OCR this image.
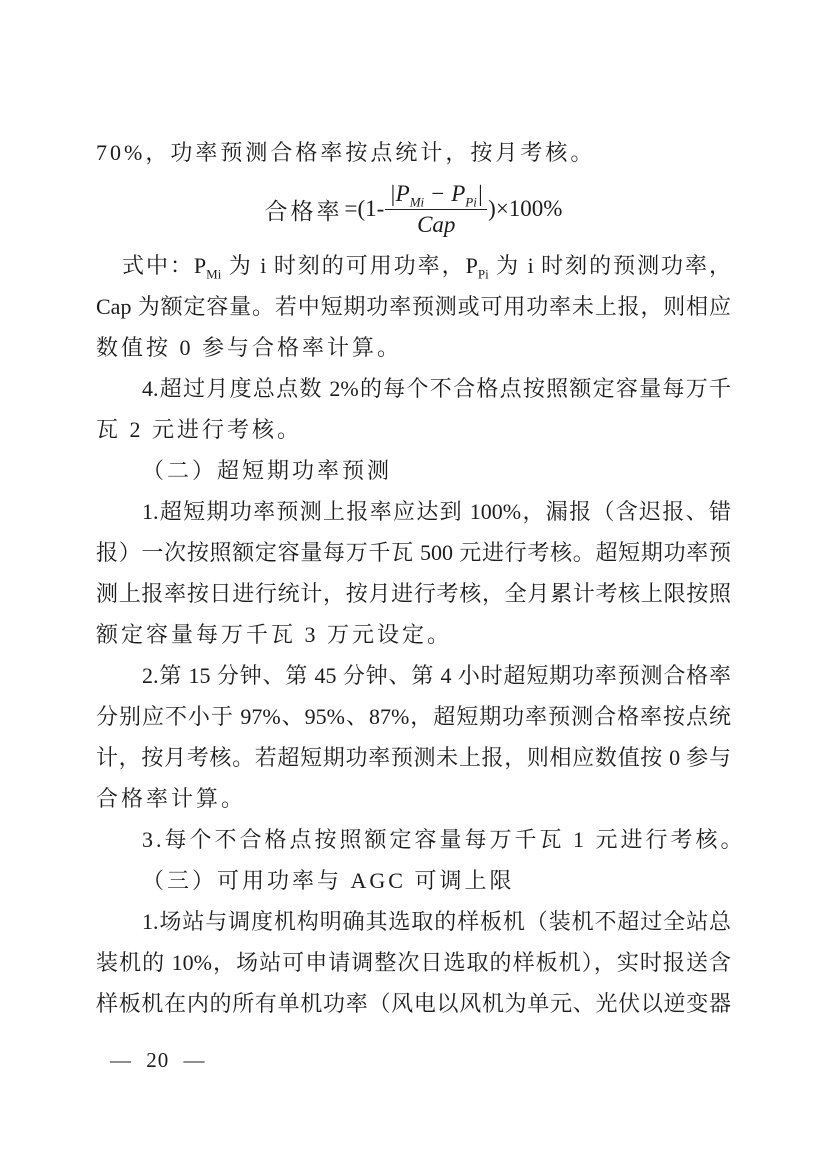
70%，功率预测合格率按点统计，按月考核。
合格率 $=(1- \frac{|P_{Mi} - P_{Pi}|}{\text{Cap}} )\times 100\%$
式中：$P_{Mi}$ 为 i 时刻的可用功率，$P_{Pi}$ 为 i 时刻的预测功率，
Cap 为额定容量。若中短期功率预测或可用功率未上报，则相应
数值按 0 参与合格率计算。
4.超过月度总点数 2%的每个不合格点按照额定容量每万千
瓦 2 元进行考核。
（二）超短期功率预测
1.超短期功率预测上报率应达到 100%，漏报（含迟报、错
报）一次按照额定容量每万千瓦 500 元进行考核。超短期功率预
测上报率按日进行统计，按月进行考核，全月累计考核上限按照
额定容量每万千瓦 3 万元设定。
2.第 15 分钟、第 45 分钟、第 4 小时超短期功率预测合格率
分别应不小于 97%、95%、87%，超短期功率预测合格率按点统
计，按月考核。若超短期功率预测未上报，则相应数值按 0 参与
合格率计算。
3.每个不合格点按照额定容量每万千瓦 1 元进行考核。
（三）可用功率与 AGC 可调上限
1.场站与调度机构明确其选取的样板机（装机不超过全站总
装机的 10%，场站可申请调整次日选取的样板机），实时报送含
样板机在内的所有单机功率（风电以风机为单元、光伏以逆变器
— 20 —
